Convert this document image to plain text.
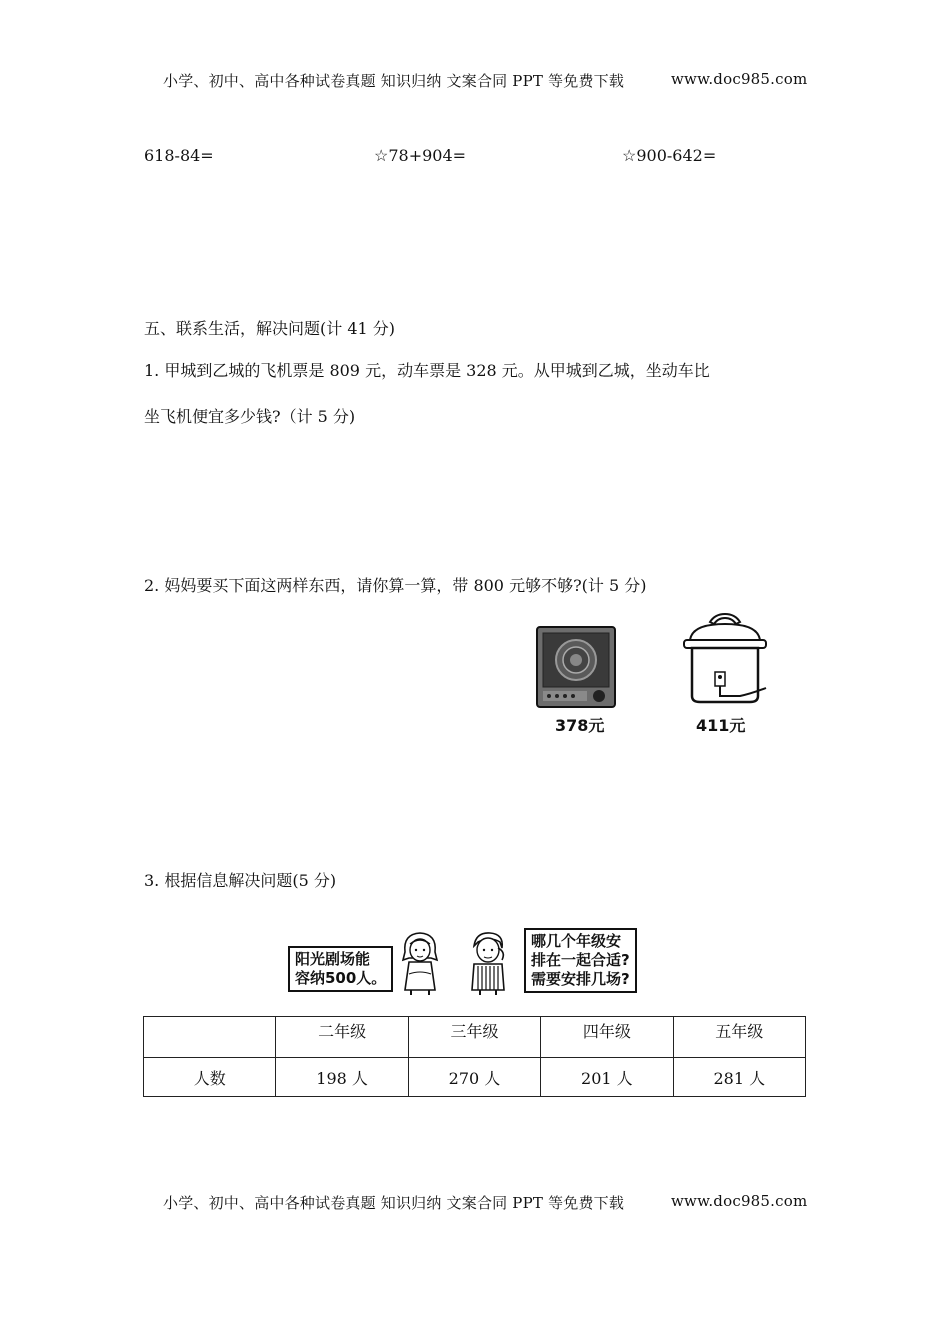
小学、初中、高中各种试卷真题 知识归纳 文案合同 PPT 等免费下载	www.doc985.com
618-84=	☆78+904=	☆900-642=
五、联系生活，解决问题(计 41 分)
1. 甲城到乙城的飞机票是 809 元，动车票是 328 元。从甲城到乙城，坐动车比
坐飞机便宜多少钱?（计 5 分)
2. 妈妈要买下面这两样东西，请你算一算，带 800 元够不够?(计 5 分)
378元	411元
3. 根据信息解决问题(5 分)
阳光剧场能
容纳500人。
哪几个年级安
排在一起合适?
需要安排几场?
	二年级	三年级	四年级	五年级
人数	198 人	270 人	201 人	281 人
小学、初中、高中各种试卷真题 知识归纳 文案合同 PPT 等免费下载	www.doc985.com
